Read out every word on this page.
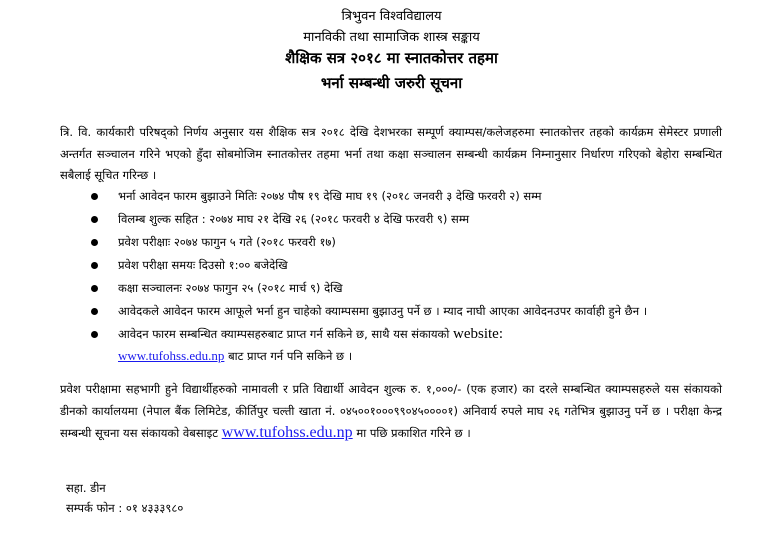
त्रिभुवन विश्वविद्यालय
मानविकी तथा सामाजिक शास्त्र सङ्काय
शैक्षिक सत्र २०१८ मा स्नातकोत्तर तहमा
भर्ना सम्बन्धी जरुरी सूचना
त्रि. वि. कार्यकारी परिषद्को निर्णय अनुसार यस शैक्षिक सत्र २०१८ देखि देशभरका सम्पूर्ण क्याम्पस/कलेजहरुमा स्नातकोत्तर तहको कार्यक्रम सेमेस्टर प्रणाली अन्तर्गत सञ्चालन गरिने भएको हुँदा सोबमोजिम स्नातकोत्तर तहमा भर्ना तथा कक्षा सञ्चालन सम्बन्धी कार्यक्रम निम्नानुसार निर्धारण गरिएको बेहोरा सम्बन्धित सबैलाई सूचित गरिन्छ ।
भर्ना आवेदन फारम बुझाउने मितिः २०७४ पौष १९ देखि माघ १९ (२०१८ जनवरी ३ देखि फरवरी २) सम्म
विलम्ब शुल्क सहित : २०७४ माघ २१ देखि २६ (२०१८ फरवरी ४ देखि फरवरी ९) सम्म
प्रवेश परीक्षाः २०७४ फागुन ५ गते (२०१८ फरवरी १७)
प्रवेश परीक्षा समयः दिउसो १:०० बजेदेखि
कक्षा सञ्चालनः २०७४ फागुन २५ (२०१८ मार्च ९) देखि
आवेदकले आवेदन फारम आफूले भर्ना हुन चाहेको क्याम्पसमा बुझाउनु पर्ने छ । म्याद नाघी आएका आवेदनउपर कार्वाही हुने छैन ।
आवेदन फारम सम्बन्धित क्याम्पसहरुबाट प्राप्त गर्न सकिने छ, साथै यस संकायको website:
www.tufohss.edu.np बाट प्राप्त गर्न पनि सकिने छ ।
प्रवेश परीक्षामा सहभागी हुने विद्यार्थीहरुको नामावली र प्रति विद्यार्थी आवेदन शुल्क रु. १,०००/- (एक हजार) का दरले सम्बन्धित क्याम्पसहरुले यस संकायको डीनको कार्यालयमा (नेपाल बैंक लिमिटेड, कीर्तिपुर चल्ती खाता नं. ०४५००१०००९९०४५००००१) अनिवार्य रुपले माघ २६ गतेभित्र बुझाउनु पर्ने छ । परीक्षा केन्द्र सम्बन्धी सूचना यस संकायको वेबसाइट www.tufohss.edu.np मा पछि प्रकाशित गरिने छ ।
सहा. डीन
सम्पर्क फोन : ०१ ४३३३९८०
